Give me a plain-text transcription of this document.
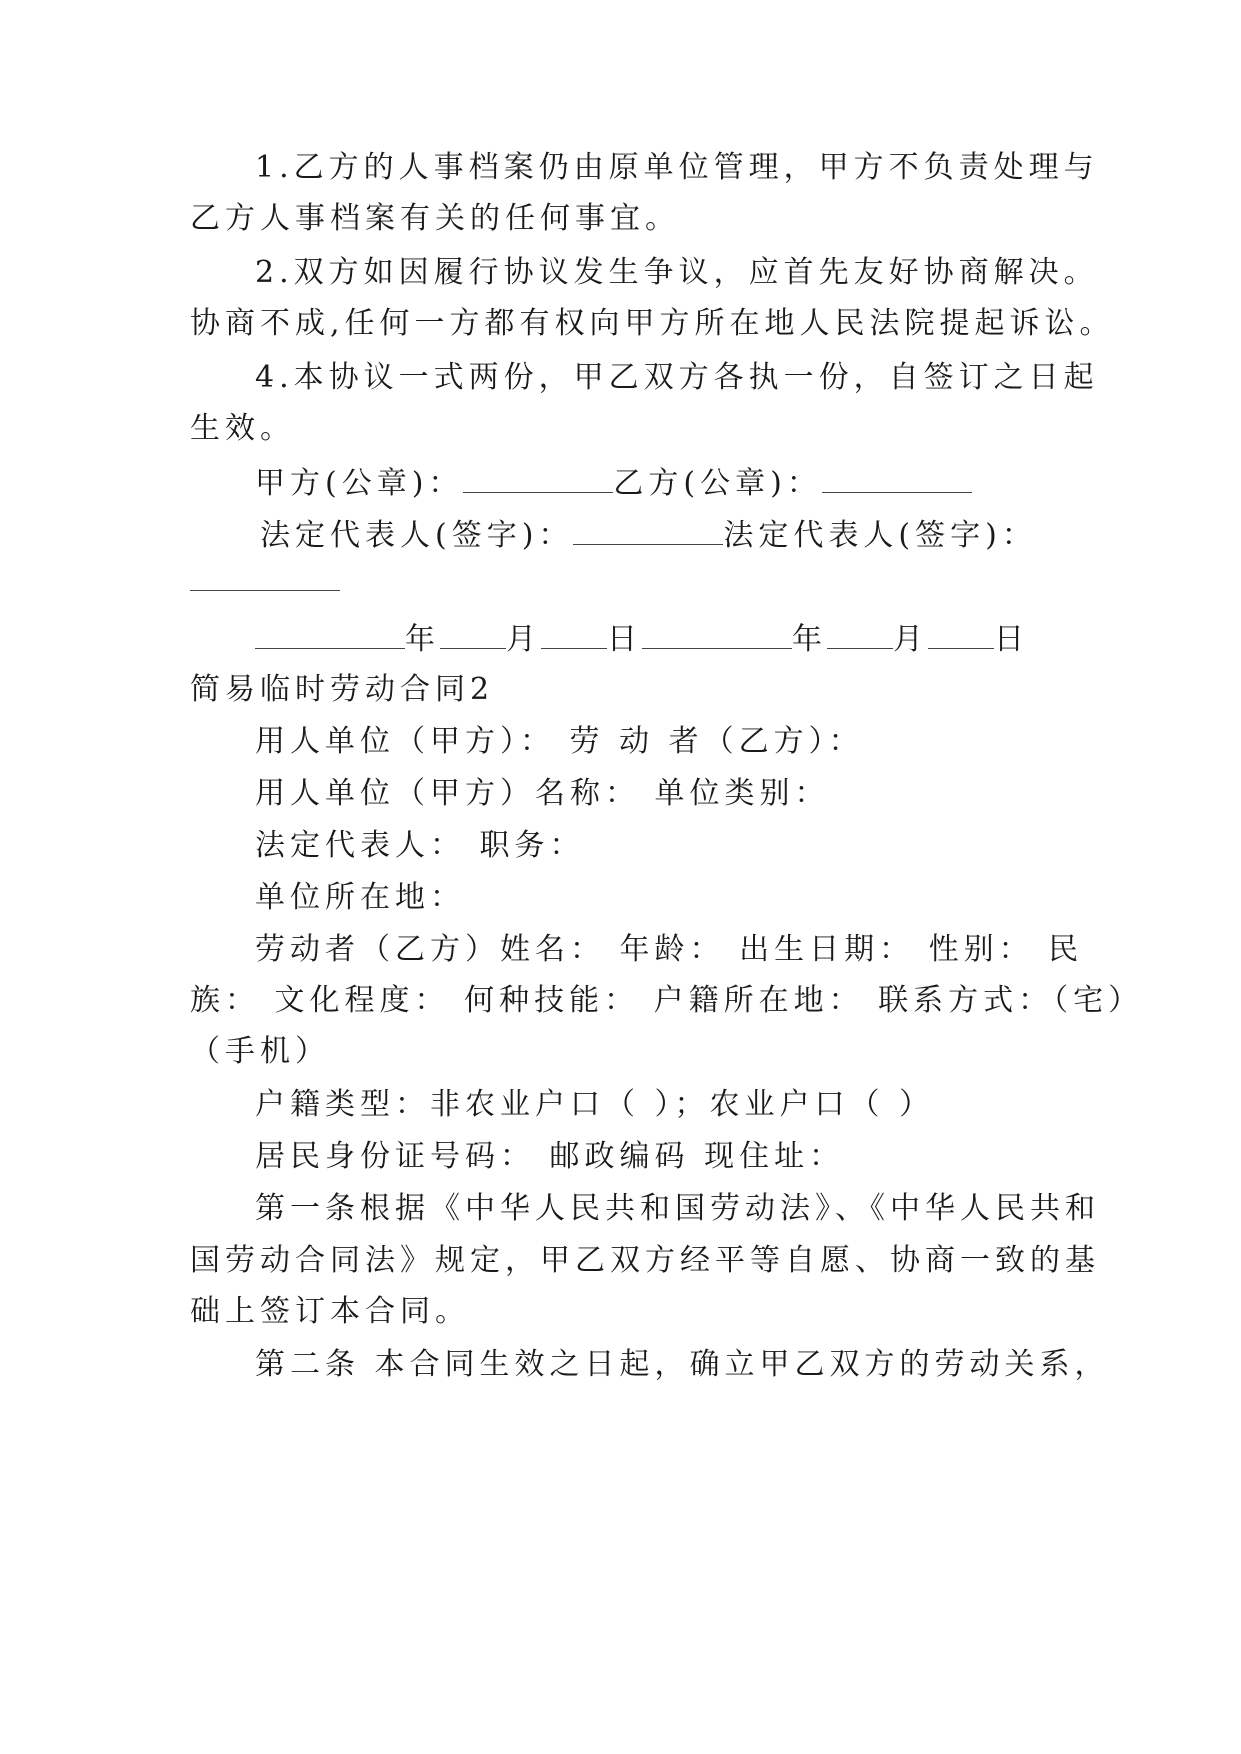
1.乙方的人事档案仍由原单位管理，甲方不负责处理与
乙方人事档案有关的任何事宜。
2.双方如因履行协议发生争议，应首先友好协商解决。
协商不成,任何一方都有权向甲方所在地人民法院提起诉讼。
4.本协议一式两份，甲乙双方各执一份，自签订之日起
生效。
甲方(公章)：	乙方(公章)：
法定代表人(签字)：	法定代表人(签字)：
年 月 日	年 月 日
简易临时劳动合同2
用人单位（甲方）： 劳 动 者（乙方）：
用人单位（甲方）名称： 单位类别：
法定代表人： 职务：
单位所在地：
劳动者（乙方）姓名： 年龄： 出生日期： 性别： 民
族： 文化程度： 何种技能： 户籍所在地： 联系方式：（宅）
（手机）
户籍类型：非农业户口（ ）；农业户口（ ）
居民身份证号码： 邮政编码 现住址：
第一条根据《中华人民共和国劳动法》、《中华人民共和
国劳动合同法》规定，甲乙双方经平等自愿、协商一致的基
础上签订本合同。
第二条 本合同生效之日起，确立甲乙双方的劳动关系，
